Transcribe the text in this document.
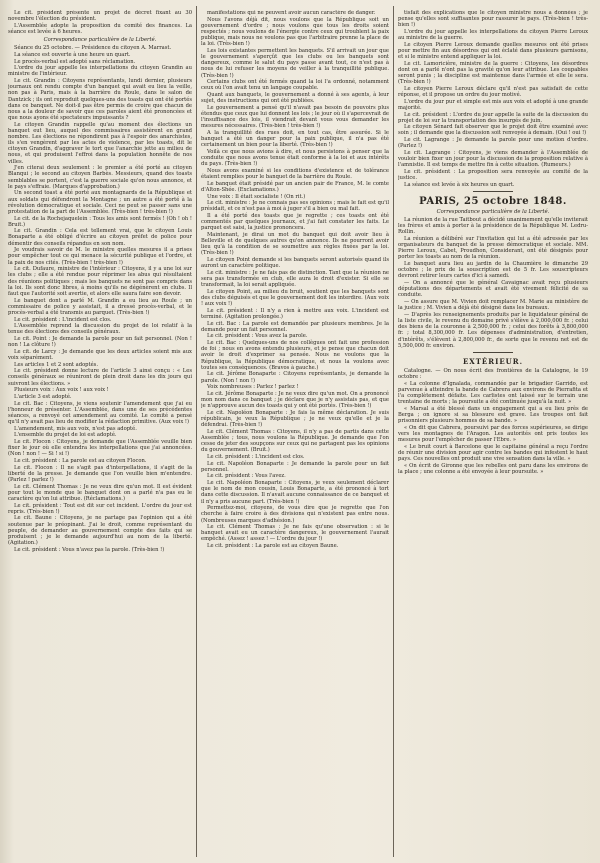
Le cit. président présente un projet de décret fixant au 30 novembre l'élection du président.

L'Assemblée adopte la proposition du comité des finances. La séance est levée à 6 heures.

Correspondance particulière de la Liberté.

Séance du 25 octobre. — Présidence du citoyen A. Marrast.

La séance est ouverte à une heure un quart.

Le procès-verbal est adopté sans réclamation.

L'ordre du jour appelle les interpellations du citoyen Grandin au ministre de l'intérieur.

Le cit. Grandin : Citoyens représentants, lundi dernier, plusieurs journaux ont rendu compte d'un banquet qui avait eu lieu la veille, non pas à Paris, mais à la barrière du Roule, dans le salon de Dantzick ; ils ont reproduit quelques-uns des toasts qui ont été portés dans ce banquet. Ne doit-il pas être permis de croire que chacun de nous a la douleur de savoir que ces paroles aient été prononcées et que nous ayons été spectateurs impuissants ?

Le citoyen Grandin rappelle qu'au moment des élections un banquet eut lieu, auquel des commissaires assistèrent en grand nombre. Les élections ne répondirent pas à l'espoir des anarchistes, ils s'en vengèrent par les actes de violence, par les toasts, dit le citoyen Grandin, d'aggraver le tort que l'anarchie jette au milieu de nous, et qui produisent l'effroi dans la population honnête de nos villes.

J'en citerai deux seulement : le premier a été porté au citoyen Blanqui ; le second au citoyen Barbès. Messieurs, quand des toasts semblables se portent, c'est la guerre sociale qu'on nous annonce, et le pays s'effraie. (Marques d'approbation.)

Un second toast a été porté aux montagnards de la République et aux soldats qui défendront la Montagne ; un autre a été porté à la révolution démocratique et sociale. Ceci ne peut se passer sans une protestation de la part de l'Assemblée. (Très-bien ! très-bien !)

Le cit. de la Rochejaquelein : Tous les amis sont fermés ! (Oh ! oh ! Bruit.)

Le cit. Grandin : Cela est tellement vrai, que le citoyen Louis Bonaparte a été obligé d'écrire au citoyen préfet de police pour démentir des conseils répandus en son nom.

Je voudrais savoir de M. le ministre quelles mesures il a prises pour empêcher tout ce qui menace la sécurité publique et l'ordre, et la paix de nos cités. (Très-bien ! très-bien !)

Le cit. Dufaure, ministre de l'intérieur : Citoyens, il y a une loi sur les clubs ; elle a été rendue pour réprimer les abus qui résultaient des réunions politiques ; mais les banquets ne sont pas compris dans la loi. Ils sont donc libres, à moins qu'ils ne dégénèrent en clubs. Il faut que l'autorité soit avertie, et alors elle saura faire son devoir.

Le banquet dont a parlé M. Grandin a eu lieu au Roule ; un commissaire de police y assistait, il a dressé procès-verbal, et le procès-verbal a été transmis au parquet. (Très-bien !)

Le cit. président : L'incident est clos.

L'Assemblée reprend la discussion du projet de loi relatif à la tenue des élections des conseils généraux.

Le cit. Point : Je demande la parole pour un fait personnel. (Non ! non ! La clôture !)

Le cit. de Larcy : Je demande que les deux articles soient mis aux voix séparément.

Les articles 1 et 2 sont adoptés.

Le cit. président donne lecture de l'article 3 ainsi conçu : « Les conseils généraux se réuniront de plein droit dans les dix jours qui suivront les élections. »

Plusieurs voix : Aux voix ! aux voix !

L'article 3 est adopté.

Le cit. Bac : Citoyens, je viens soutenir l'amendement que j'ai eu l'honneur de présenter. L'Assemblée, dans une de ses précédentes séances, a renvoyé cet amendement au comité. Le comité a pensé qu'il n'y avait pas lieu de modifier la rédaction primitive. (Aux voix !)

L'amendement, mis aux voix, n'est pas adopté.

L'ensemble du projet de loi est adopté.

Le cit. Flocon : Citoyens, je demande que l'Assemblée veuille bien fixer le jour où elle entendra les interpellations que j'ai annoncées. (Non ! non ! — Si ! si !)

Le cit. président : La parole est au citoyen Flocon.

Le cit. Flocon : Il ne s'agit pas d'interpellations, il s'agit de la liberté de la presse. Je demande que l'on veuille bien m'entendre. (Parlez ! parlez !)

Le cit. Clément Thomas : Je ne veux dire qu'un mot. Il est évident pour tout le monde que le banquet dont on a parlé n'a pas eu le caractère qu'on lui attribue. (Réclamations.)

Le cit. président : Tout est dit sur cet incident. L'ordre du jour est repris. (Très-bien !)

Le cit. Baune : Citoyens, je ne partage pas l'opinion qui a été soutenue par le préopinant. J'ai le droit, comme représentant du peuple, de demander au gouvernement compte des faits qui se produisent ; je le demande aujourd'hui au nom de la liberté. (Agitation.)

Le cit. président : Vous n'avez pas la parole. (Très-bien !)

manifestations qui ne peuvent avoir aucun caractère de danger.

Nous l'avons déjà dit, nous voulons que la République soit un gouvernement d'ordre ; nous voulons que tous les droits soient respectés ; nous voulons de l'énergie contre ceux qui troublent la paix publique, mais nous ne voulons pas que l'arbitraire prenne la place de la loi. (Très-bien !)

Les lois existantes permettent les banquets. S'il arrivait un jour que le gouvernement s'aperçût que les clubs ou les banquets sont dangereux, comme le salut du pays passe avant tout, ce n'est pas à nous de lui refuser les moyens de veiller à la tranquillité publique. (Très-bien !)

Certains clubs ont été fermés quand la loi l'a ordonné, notamment ceux où l'on avait tenu un langage coupable.

Quant aux banquets, le gouvernement a donné à ses agents, à leur sujet, des instructions qui ont été publiées.

Le gouvernement a pensé qu'il n'avait pas besoin de pouvoirs plus étendus que ceux que lui donnent les lois ; le jour où il s'apercevrait de l'insuffisance des lois, il viendrait devant vous vous demander les mesures nécessaires. (Très-bien ! très-bien !)

A la tranquillité des rues doit, en tout cas, être assurée. Si le banquet a été un danger pour la paix publique, il n'a pas été certainement un bien pour la liberté. (Très-bien !)

Voilà ce que nous avions à dire, et nous persistons à penser que la conduite que nous avons tenue était conforme à la loi et aux intérêts du pays. (Très-bien !)

Nous avons examiné si les conditions d'existence et de tolérance étaient remplies pour le banquet de la barrière du Roule.

Le banquet était présidé par un ancien pair de France, M. le comte d'Alton-Shée. (Exclamations.)

Une voix : Il était socialiste ! (On rit.)

Le cit. ministre : Je ne connais pas ses opinions ; mais le fait est qu'il présidait, et ce n'est pas à moi à juger s'il a bien ou mal fait.

Il a été porté des toasts que je regrette ; ces toasts ont été commentés par quelques journaux, et j'ai fait constater les faits. Le parquet est saisi, la justice prononcera.

Maintenant, je dirai un mot du banquet qui doit avoir lieu à Belleville et de quelques autres qu'on annonce. Ils ne pourront avoir lieu qu'à la condition de se soumettre aux règles fixées par la loi. (Très-bien !)

Le citoyen Point demande si les banquets seront autorisés quand ils auront un caractère politique.

Le cit. ministre : Je ne fais pas de distinction. Tant que la réunion ne sera pas transformée en club, elle aura le droit d'exister. Si elle se transformait, la loi serait appliquée.

Le citoyen Point, au milieu du bruit, soutient que les banquets sont des clubs déguisés et que le gouvernement doit les interdire. (Aux voix ! aux voix !)

Le cit. président : Il n'y a rien à mettre aux voix. L'incident est terminé. (Agitation prolongée.)

Le cit. Bac : La parole est demandée par plusieurs membres. Je la demande pour un fait personnel.

Le cit. président : Vous avez la parole.

Le cit. Bac : Quelques-uns de nos collègues ont fait une profession de foi ; nous en avons entendu plusieurs, et je pense que chacun doit avoir le droit d'exprimer sa pensée. Nous ne voulons que la République, la République démocratique, et nous la voulons avec toutes ses conséquences. (Bravos à gauche.)

Le cit. Jérôme Bonaparte : Citoyens représentants, je demande la parole. (Non ! non !)

Voix nombreuses : Parlez ! parlez !

Le cit. Jérôme Bonaparte : Je ne veux dire qu'un mot. On a prononcé mon nom dans ce banquet ; je déclare que je n'y assistais pas, et que je n'approuve aucun des toasts qui y ont été portés. (Très-bien !)

Le cit. Napoléon Bonaparte : Je fais la même déclaration. Je suis républicain, je veux la République ; je ne veux qu'elle et je la défendrai. (Très-bien !)

Le cit. Clément Thomas : Citoyens, il n'y a pas de partis dans cette Assemblée ; tous, nous voulons la République. Je demande que l'on cesse de jeter des soupçons sur ceux qui ne partagent pas les opinions du gouvernement. (Bruit.)

Le cit. président : L'incident est clos.

Le cit. Napoléon Bonaparte : Je demande la parole pour un fait personnel.

Le cit. président : Vous l'avez.

Le cit. Napoléon Bonaparte : Citoyens, je veux seulement déclarer que le nom de mon cousin, Louis Bonaparte, a été prononcé à tort dans cette discussion. Il n'avait aucune connaissance de ce banquet et il n'y a pris aucune part. (Très-bien !)

Permettez-moi, citoyens, de vous dire que je regrette que l'on cherche à faire croire à des divisions qui n'existent pas entre nous. (Nombreuses marques d'adhésion.)

Le cit. Clément Thomas : Je ne fais qu'une observation : si le banquet avait eu un caractère dangereux, le gouvernement l'aurait empêché. (Assez ! assez ! — L'ordre du jour !)

Le cit. président : La parole est au citoyen Baune.

tisfait des explications que le citoyen ministre nous a données ; je pense qu'elles sont suffisantes pour rassurer le pays. (Très-bien ! très-bien !)

L'ordre du jour appelle les interpellations du citoyen Pierre Leroux au ministre de la guerre.

Le citoyen Pierre Leroux demande quelles mesures ont été prises pour mettre fin aux désordres qui ont éclaté dans plusieurs garnisons, et si le ministre entend appliquer la loi.

Le cit. Lamoricière, ministre de la guerre : Citoyens, les désordres dont on a parlé n'ont pas la gravité qu'on leur attribue. Les coupables seront punis ; la discipline est maintenue dans l'armée et elle le sera. (Très-bien !)

Le citoyen Pierre Leroux déclare qu'il n'est pas satisfait de cette réponse, et il propose un ordre du jour motivé.

L'ordre du jour pur et simple est mis aux voix et adopté à une grande majorité.

Le cit. président : L'ordre du jour appelle la suite de la discussion du projet de loi sur la transportation des insurgés de juin.

Le citoyen Sénard fait observer que le projet doit être examiné avec soin ; il demande que la discussion soit renvoyée à demain. (Oui ! oui !)

Le cit. Lagrange : Je demande la parole pour une motion d'ordre. (Parlez !)

Le cit. Lagrange : Citoyens, je viens demander à l'Assemblée de vouloir bien fixer un jour pour la discussion de la proposition relative à l'amnistie. Il est temps de mettre fin à cette situation. (Rumeurs.)

Le cit. président : La proposition sera renvoyée au comité de la justice.

La séance est levée à six heures un quart.

PARIS, 25 octobre 1848.
Correspondance particulière de la Liberté.

La réunion de la rue Taitbout a décidé unanimement qu'elle inviterait les frères et amis à porter à la présidence de la République M. Ledru-Rollin.

La réunion a délibéré sur l'invitation qui lui a été adressée par les organisateurs du banquet de la presse démocratique et sociale. MM. Pierre Leroux, Cabet, Proudhon, Considerant, ont été désignés pour porter les toasts au nom de la réunion.

Le banquet aura lieu au jardin de la Chaumière le dimanche 29 octobre ; le prix de la souscription est de 5 fr. Les souscripteurs devront retirer leurs cartes d'ici à samedi.

— On a annoncé que le général Cavaignac avait reçu plusieurs députations des départements et avait été vivement félicité de sa conduite.

— On assure que M. Vivien doit remplacer M. Marie au ministère de la justice ; M. Vivien a déjà été désigné dans les bureaux.

— D'après les renseignements produits par le liquidateur général de la liste civile, le revenu du domaine privé s'élève à 2,000,000 fr. ; celui des biens de la couronne à 2,500,000 fr. ; celui des forêts à 3,800,000 fr. ; total 8,300,000 fr. Les dépenses d'administration, d'entretien, d'intérêts, s'élèvent à 2,800,000 fr., de sorte que le revenu net est de 5,500,000 fr. environ.

EXTÉRIEUR.

Catalogne. — On nous écrit des frontières de la Catalogne, le 19 octobre :

« La colonne d'Ignalada, commandée par le brigadier Garrido, est parvenue à atteindre la bande de Cabrera aux environs de Pierrafita et l'a complètement défaite. Les carlistes ont laissé sur le terrain une trentaine de morts ; la poursuite a été continuée jusqu'à la nuit. »

« Marsal a été blessé dans un engagement qui a eu lieu près de Berga ; on ignore si sa blessure est grave. Les troupes ont fait prisonniers plusieurs hommes de sa bande. »

« On dit que Cabrera, poursuivi par des forces supérieures, se dirige vers les montagnes de l'Aragon. Les autorités ont pris toutes les mesures pour l'empêcher de passer l'Ebre. »

« Le bruit court à Barcelone que le capitaine général a reçu l'ordre de réunir une division pour agir contre les bandes qui infestent le haut pays. Ces nouvelles ont produit une vive sensation dans la ville. »

« On écrit de Gironne que les rebelles ont paru dans les environs de la place ; une colonne a été envoyée à leur poursuite. »
